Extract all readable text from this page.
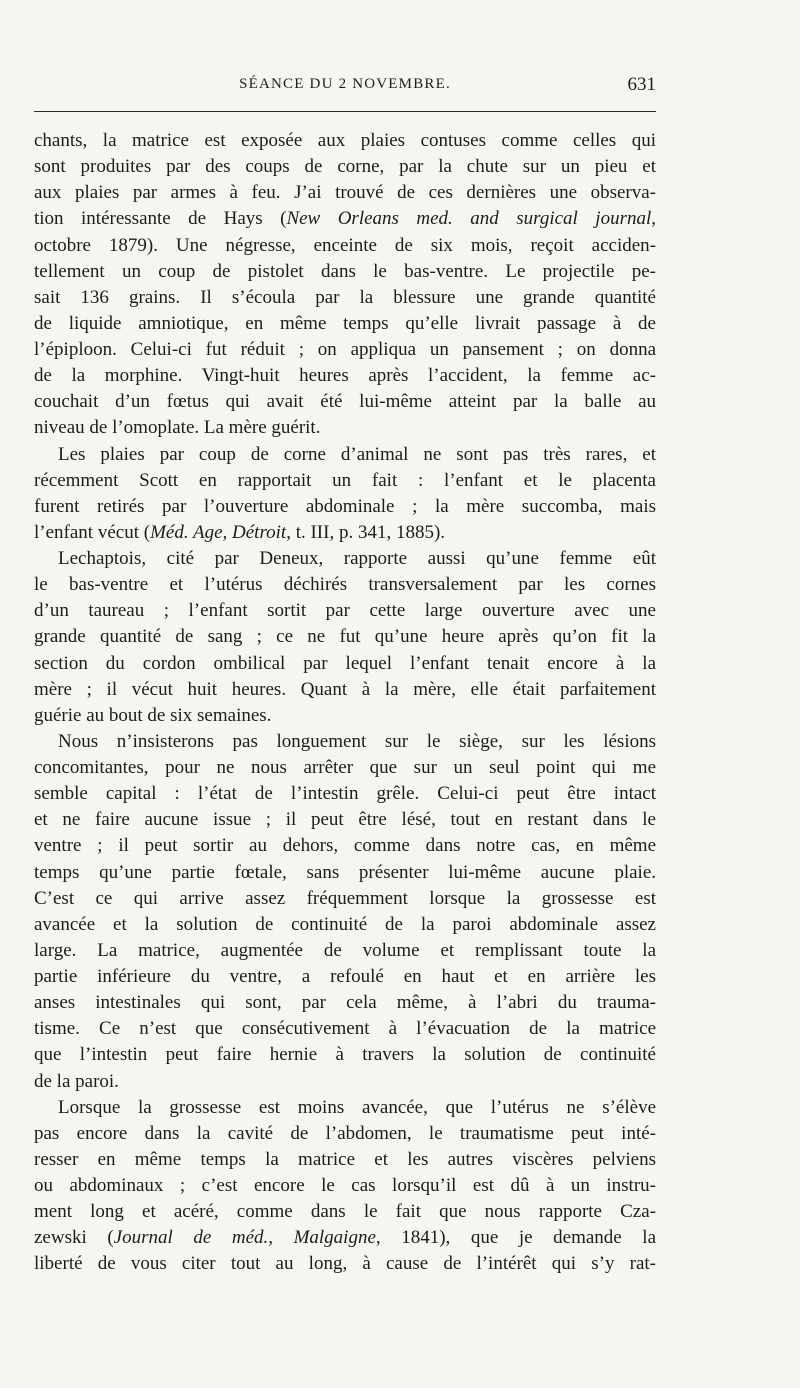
SÉANCE DU 2 NOVEMBRE.	631
chants, la matrice est exposée aux plaies contuses comme celles qui
sont produites par des coups de corne, par la chute sur un pieu et
aux plaies par armes à feu. J’ai trouvé de ces dernières une observa-
tion intéressante de Hays (New Orleans med. and surgical journal,
octobre 1879). Une négresse, enceinte de six mois, reçoit acciden-
tellement un coup de pistolet dans le bas-ventre. Le projectile pe-
sait 136 grains. Il s’écoula par la blessure une grande quantité
de liquide amniotique, en même temps qu’elle livrait passage à de
l’épiploon. Celui-ci fut réduit ; on appliqua un pansement ; on donna
de la morphine. Vingt-huit heures après l’accident, la femme ac-
couchait d’un fœtus qui avait été lui-même atteint par la balle au
niveau de l’omoplate. La mère guérit.
Les plaies par coup de corne d’animal ne sont pas très rares, et
récemment Scott en rapportait un fait : l’enfant et le placenta
furent retirés par l’ouverture abdominale ; la mère succomba, mais
l’enfant vécut (Méd. Age, Détroit, t. III, p. 341, 1885).
Lechaptois, cité par Deneux, rapporte aussi qu’une femme eût
le bas-ventre et l’utérus déchirés transversalement par les cornes
d’un taureau ; l’enfant sortit par cette large ouverture avec une
grande quantité de sang ; ce ne fut qu’une heure après qu’on fit la
section du cordon ombilical par lequel l’enfant tenait encore à la
mère ; il vécut huit heures. Quant à la mère, elle était parfaitement
guérie au bout de six semaines.
Nous n’insisterons pas longuement sur le siège, sur les lésions
concomitantes, pour ne nous arrêter que sur un seul point qui me
semble capital : l’état de l’intestin grêle. Celui-ci peut être intact
et ne faire aucune issue ; il peut être lésé, tout en restant dans le
ventre ; il peut sortir au dehors, comme dans notre cas, en même
temps qu’une partie fœtale, sans présenter lui-même aucune plaie.
C’est ce qui arrive assez fréquemment lorsque la grossesse est
avancée et la solution de continuité de la paroi abdominale assez
large. La matrice, augmentée de volume et remplissant toute la
partie inférieure du ventre, a refoulé en haut et en arrière les
anses intestinales qui sont, par cela même, à l’abri du trauma-
tisme. Ce n’est que consécutivement à l’évacuation de la matrice
que l’intestin peut faire hernie à travers la solution de continuité
de la paroi.
Lorsque la grossesse est moins avancée, que l’utérus ne s’élève
pas encore dans la cavité de l’abdomen, le traumatisme peut inté-
resser en même temps la matrice et les autres viscères pelviens
ou abdominaux ; c’est encore le cas lorsqu’il est dû à un instru-
ment long et acéré, comme dans le fait que nous rapporte Cza-
zewski (Journal de méd., Malgaigne, 1841), que je demande la
liberté de vous citer tout au long, à cause de l’intérêt qui s’y rat-
